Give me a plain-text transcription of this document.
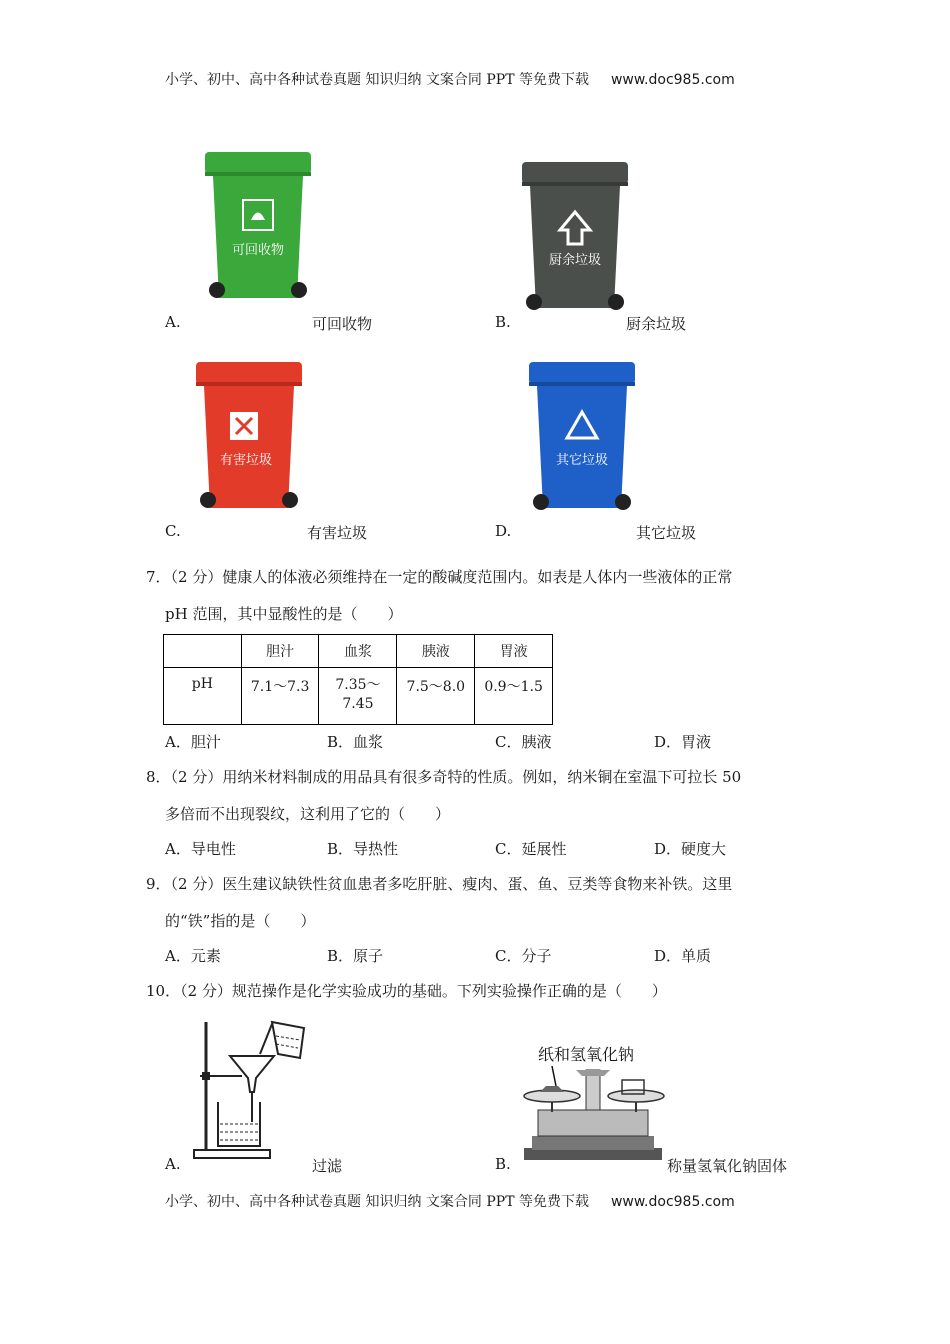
小学、初中、高中各种试卷真题 知识归纳 文案合同 PPT 等免费下载 www.doc985.com
可回收物
A.	可回收物
厨余垃圾
B.	厨余垃圾
有害垃圾
C.	有害垃圾
其它垃圾
D.	其它垃圾
7．（2 分）健康人的体液必须维持在一定的酸碱度范围内。如表是人体内一些液体的正常
pH 范围，其中显酸性的是（　　）
	胆汁	血浆	胰液	胃液
pH	7.1～7.3	7.35～
7.45	7.5～8.0	0.9～1.5
A．胆汁	B．血浆	C．胰液	D．胃液
8．（2 分）用纳米材料制成的用品具有很多奇特的性质。例如，纳米铜在室温下可拉长 50
多倍而不出现裂纹，这利用了它的（　　）
A．导电性	B．导热性	C．延展性	D．硬度大
9．（2 分）医生建议缺铁性贫血患者多吃肝脏、瘦肉、蛋、鱼、豆类等食物来补铁。这里
的“铁”指的是（　　）
A．元素	B．原子	C．分子	D．单质
10．（2 分）规范操作是化学实验成功的基础。下列实验操作正确的是（　　）
A.	过滤
纸和氢氧化钠
B.	称量氢氧化钠固体
小学、初中、高中各种试卷真题 知识归纳 文案合同 PPT 等免费下载 www.doc985.com
